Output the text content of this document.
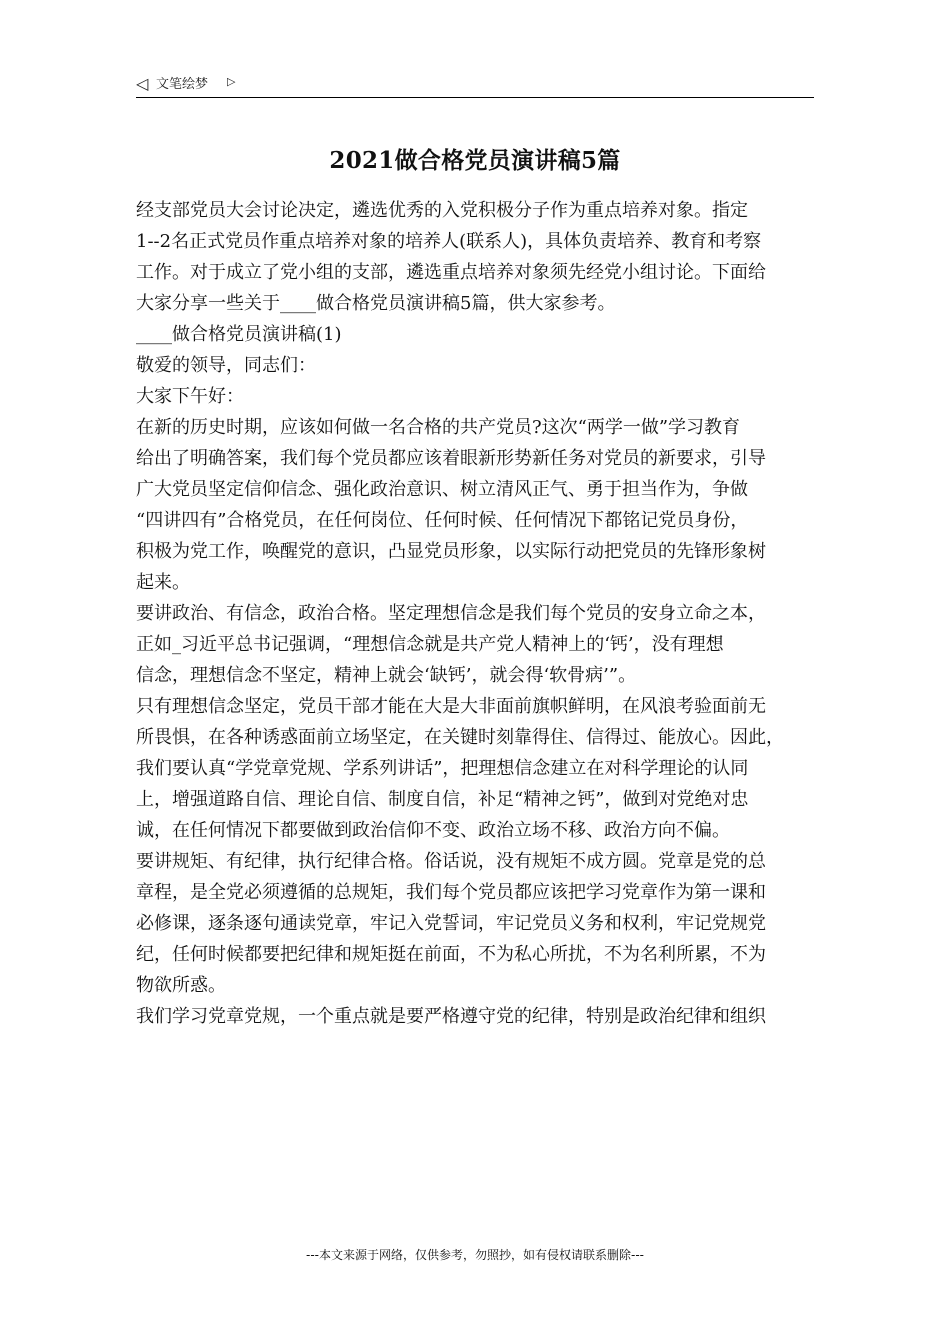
◁ 文笔绘梦 ▷
2021做合格党员演讲稿5篇
经支部党员大会讨论决定，遴选优秀的入党积极分子作为重点培养对象。指定
1--2名正式党员作重点培养对象的培养人(联系人)，具体负责培养、教育和考察
工作。对于成立了党小组的支部，遴选重点培养对象须先经党小组讨论。下面给
大家分享一些关于____做合格党员演讲稿5篇，供大家参考。
____做合格党员演讲稿(1)
敬爱的领导，同志们：
大家下午好：
在新的历史时期，应该如何做一名合格的共产党员?这次“两学一做”学习教育
给出了明确答案，我们每个党员都应该着眼新形势新任务对党员的新要求，引导
广大党员坚定信仰信念、强化政治意识、树立清风正气、勇于担当作为，争做
“四讲四有”合格党员，在任何岗位、任何时候、任何情况下都铭记党员身份，
积极为党工作，唤醒党的意识，凸显党员形象，以实际行动把党员的先锋形象树
起来。
要讲政治、有信念，政治合格。坚定理想信念是我们每个党员的安身立命之本，
正如_习近平总书记强调，“理想信念就是共产党人精神上的‘钙’，没有理想
信念，理想信念不坚定，精神上就会‘缺钙’，就会得‘软骨病’”。
只有理想信念坚定，党员干部才能在大是大非面前旗帜鲜明，在风浪考验面前无
所畏惧，在各种诱惑面前立场坚定，在关键时刻靠得住、信得过、能放心。因此，
我们要认真“学党章党规、学系列讲话”，把理想信念建立在对科学理论的认同
上，增强道路自信、理论自信、制度自信，补足“精神之钙”，做到对党绝对忠
诚，在任何情况下都要做到政治信仰不变、政治立场不移、政治方向不偏。
要讲规矩、有纪律，执行纪律合格。俗话说，没有规矩不成方圆。党章是党的总
章程，是全党必须遵循的总规矩，我们每个党员都应该把学习党章作为第一课和
必修课，逐条逐句通读党章，牢记入党誓词，牢记党员义务和权利，牢记党规党
纪，任何时候都要把纪律和规矩挺在前面，不为私心所扰，不为名利所累，不为
物欲所惑。
我们学习党章党规，一个重点就是要严格遵守党的纪律，特别是政治纪律和组织
---本文来源于网络，仅供参考，勿照抄，如有侵权请联系删除---
